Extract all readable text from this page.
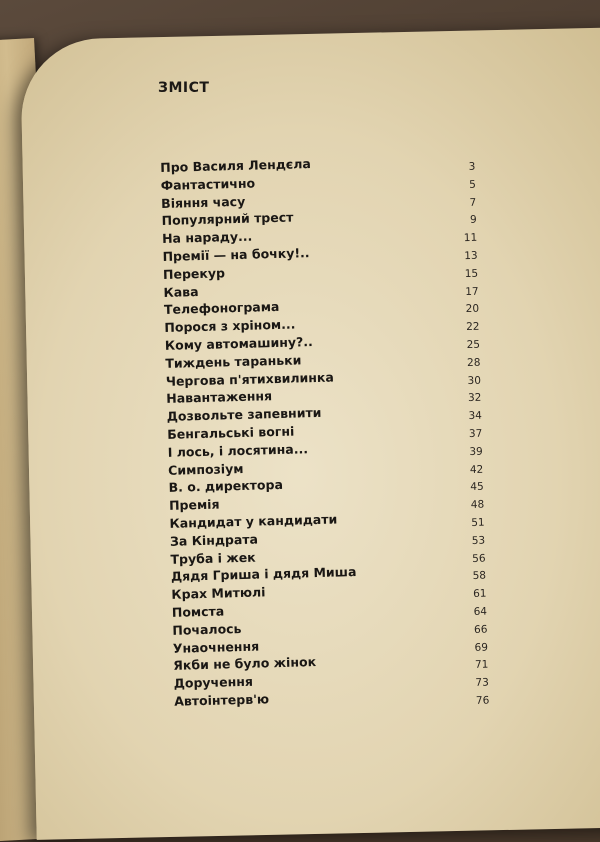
ЗМІСТ
Про Василя Лендєла	3
Фантастично	5
Віяння часу	7
Популярний трест	9
На нараду...	11
Премії — на бочку!..	13
Перекур	15
Кава	17
Телефонограма	20
Порося з хріном...	22
Кому автомашину?..	25
Тиждень тараньки	28
Чергова п'ятихвилинка	30
Навантаження	32
Дозвольте запевнити	34
Бенгальські вогні	37
І лось, і лосятина...	39
Симпозіум	42
В. о. директора	45
Премія	48
Кандидат у кандидати	51
За Кіндрата	53
Труба і жек	56
Дядя Гриша і дядя Миша	58
Крах Митюлі	61
Помста	64
Почалось	66
Унаочнення	69
Якби не було жінок	71
Доручення	73
Автоінтерв'ю	76
